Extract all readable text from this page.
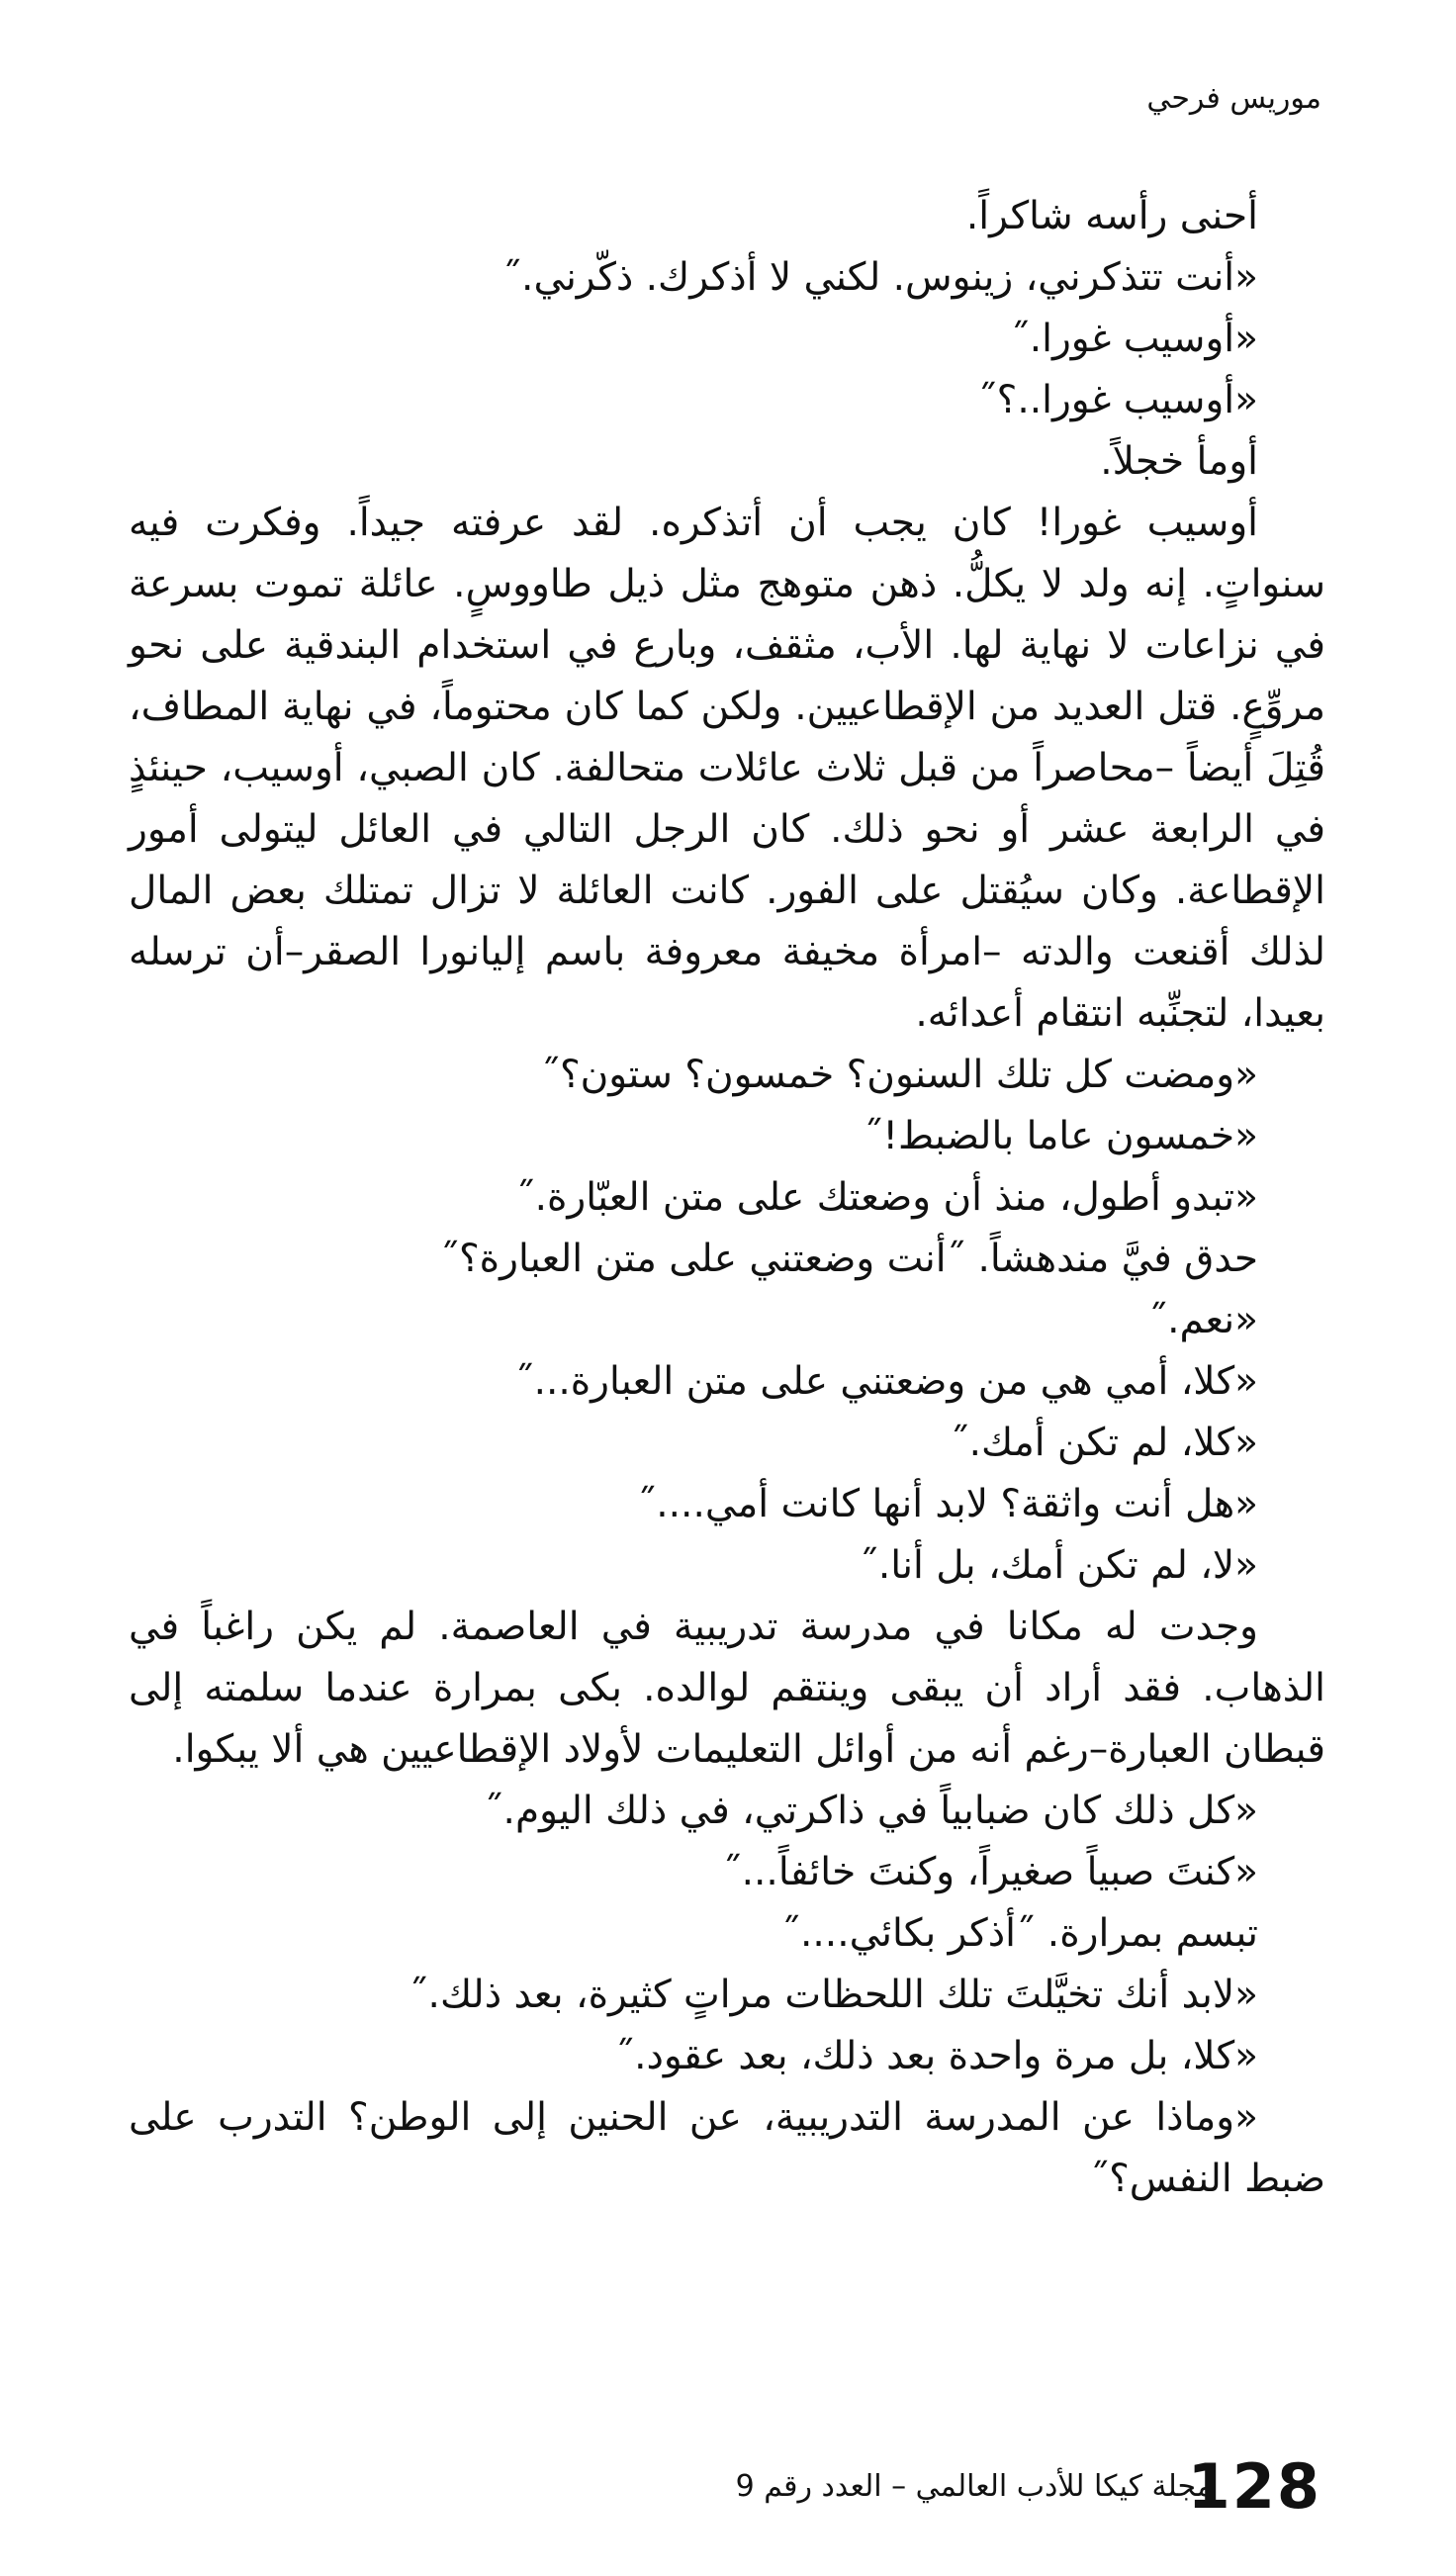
موريس فرحي

أحنى رأسه شاكراً.

«أنت تتذكرني، زينوس. لكني لا أذكرك. ذكّرني.˝

«أوسيب غورا.˝

«أوسيب غورا..؟˝

أومأ خجلاً.

أوسيب غورا! كان يجب أن أتذكره. لقد عرفته جيداً. وفكرت فيه سنواتٍ. إنه ولد لا يكلُّ. ذهن متوهج مثل ذيل طاووسٍ. عائلة تموت بسرعة في نزاعات لا نهاية لها. الأب، مثقف، وبارع في استخدام البندقية على نحو مروِّعٍ. قتل العديد من الإقطاعيين. ولكن كما كان محتوماً، في نهاية المطاف، قُتِلَ أيضاً –محاصراً من قبل ثلاث عائلات متحالفة. كان الصبي، أوسيب، حينئذٍ في الرابعة عشر أو نحو ذلك. كان الرجل التالي في العائل ليتولى أمور الإقطاعة. وكان سيُقتل على الفور. كانت العائلة لا تزال تمتلك بعض المال لذلك أقنعت والدته –امرأة مخيفة معروفة باسم إليانورا الصقر–أن ترسله بعيدا، لتجنِّبه انتقام أعدائه.

«ومضت كل تلك السنون؟ خمسون؟ ستون؟˝

«خمسون عاما بالضبط!˝

«تبدو أطول، منذ أن وضعتك على متن العبّارة.˝

حدق فيَّ مندهشاً. ˝أنت وضعتني على متن العبارة؟˝

«نعم.˝

«كلا، أمي هي من وضعتني على متن العبارة...˝

«كلا، لم تكن أمك.˝

«هل أنت واثقة؟ لابد أنها كانت أمي....˝

«لا، لم تكن أمك، بل أنا.˝

وجدت له مكانا في مدرسة تدريبية في العاصمة. لم يكن راغباً في الذهاب. فقد أراد أن يبقى وينتقم لوالده. بكى بمرارة عندما سلمته إلى قبطان العبارة–رغم أنه من أوائل التعليمات لأولاد الإقطاعيين هي ألا يبكوا.

«كل ذلك كان ضبابياً في ذاكرتي، في ذلك اليوم.˝

«كنتَ صبياً صغيراً، وكنتَ خائفاً...˝

تبسم بمرارة. ˝أذكر بكائي....˝

«لابد أنك تخيَّلتَ تلك اللحظات مراتٍ كثيرة، بعد ذلك.˝

«كلا، بل مرة واحدة بعد ذلك، بعد عقود.˝

«وماذا عن المدرسة التدريبية، عن الحنين إلى الوطن؟ التدرب على ضبط النفس؟˝

128
مجلة كيكا للأدب العالمي – العدد رقم 9
